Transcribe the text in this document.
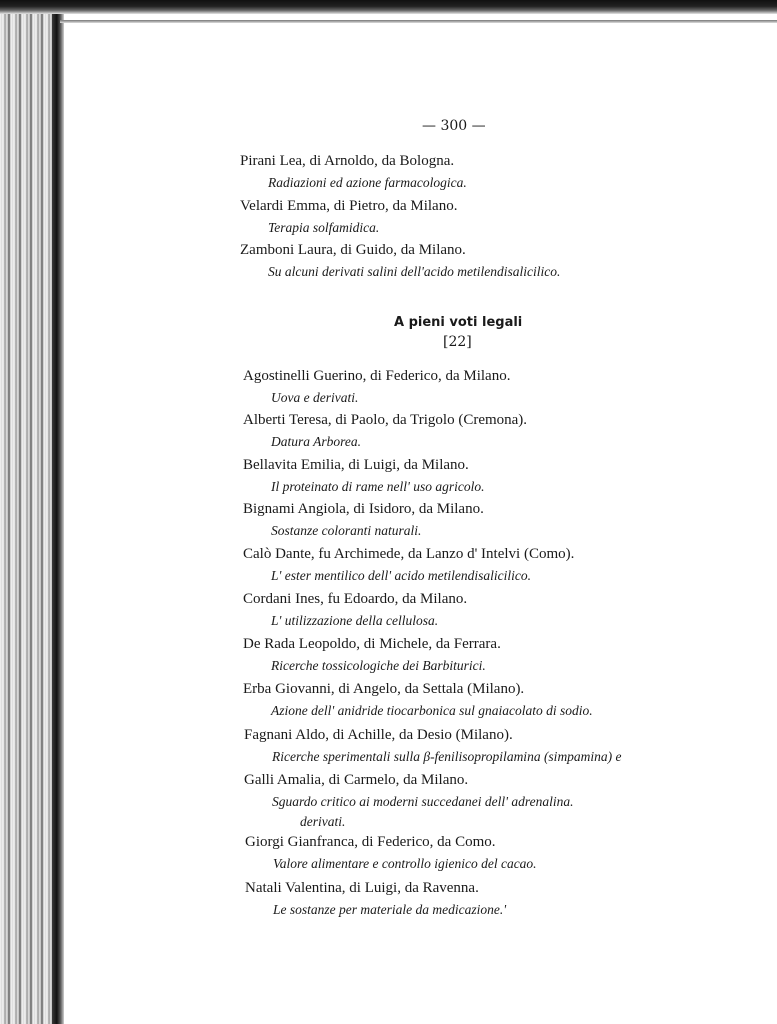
— 300 —
Pirani Lea, di Arnoldo, da Bologna.
Radiazioni ed azione farmacologica.
Velardi Emma, di Pietro, da Milano.
Terapia solfamidica.
Zamboni Laura, di Guido, da Milano.
Su alcuni derivati salini dell'acido metilendisalicilico.
A pieni voti legali
[22]
Agostinelli Guerino, di Federico, da Milano.
Uova e derivati.
Alberti Teresa, di Paolo, da Trigolo (Cremona).
Datura Arborea.
Bellavita Emilia, di Luigi, da Milano.
Il proteinato di rame nell' uso agricolo.
Bignami Angiola, di Isidoro, da Milano.
Sostanze coloranti naturali.
Calò Dante, fu Archimede, da Lanzo d' Intelvi (Como).
L' ester mentilico dell' acido metilendisalicilico.
Cordani Ines, fu Edoardo, da Milano.
L' utilizzazione della cellulosa.
De Rada Leopoldo, di Michele, da Ferrara.
Ricerche tossicologiche dei Barbiturici.
Erba Giovanni, di Angelo, da Settala (Milano).
Azione dell' anidride tiocarbonica sul gnaiacolato di sodio.
Fagnani Aldo, di Achille, da Desio (Milano).
Ricerche sperimentali sulla β-fenilisopropilamina (simpamina) e
Galli Amalia, di Carmelo, da Milano.
Sguardo critico ai moderni succedanei dell' adrenalina.
derivati.
Giorgi Gianfranca, di Federico, da Como.
Valore alimentare e controllo igienico del cacao.
Natali Valentina, di Luigi, da Ravenna.
Le sostanze per materiale da medicazione.'
